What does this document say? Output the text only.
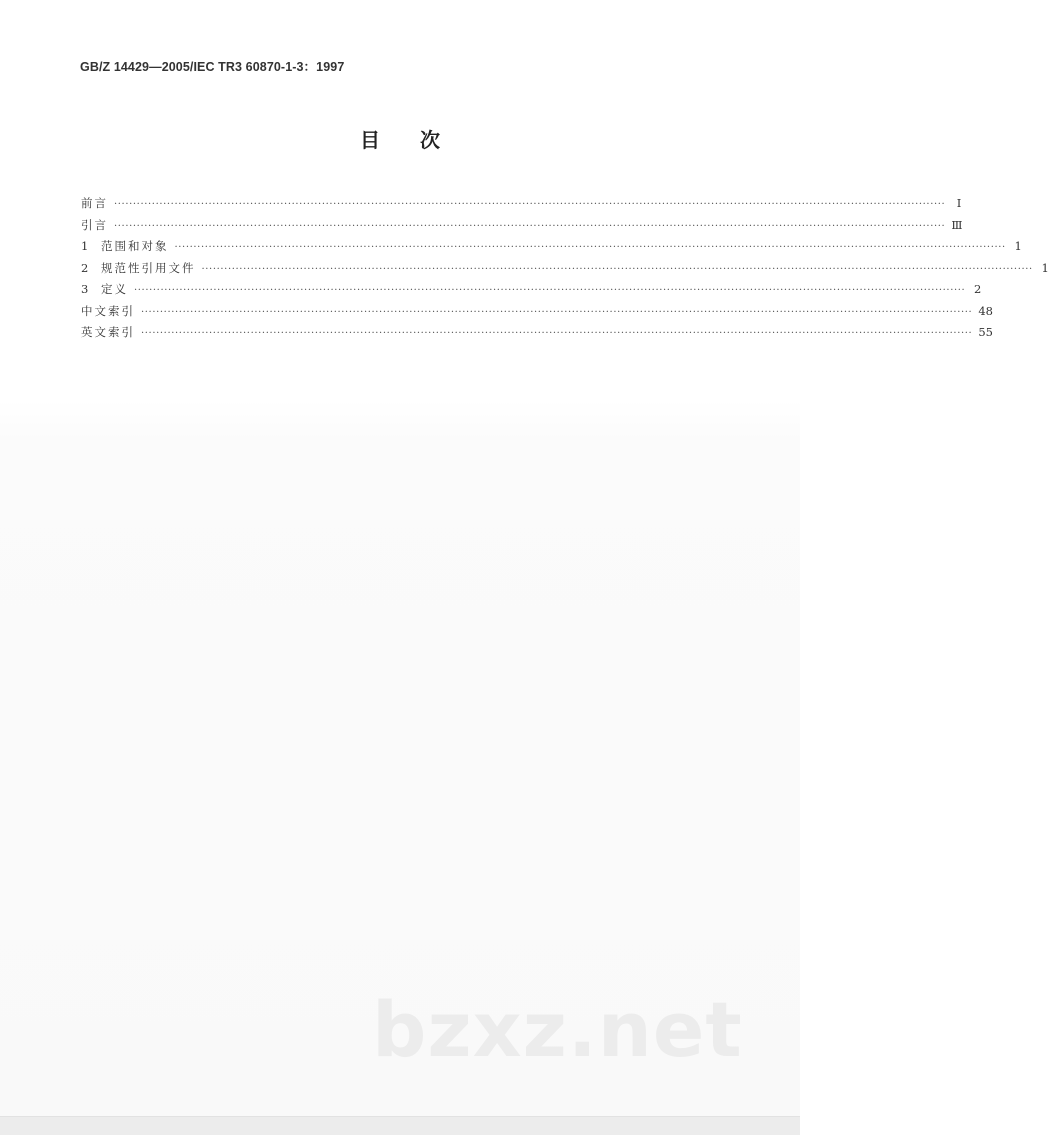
GB/Z 14429—2005/IEC TR3 60870-1-3：1997
目次
前言 ···························································································································································································································· Ⅰ
引言 ···························································································································································································································· Ⅲ
1	范围和对象 ···························································································································································································································· 1
2	规范性引用文件 ···························································································································································································································· 1
3	定义 ···························································································································································································································· 2
中文索引 ···························································································································································································································· 48
英文索引 ···························································································································································································································· 55
bzxz.net
